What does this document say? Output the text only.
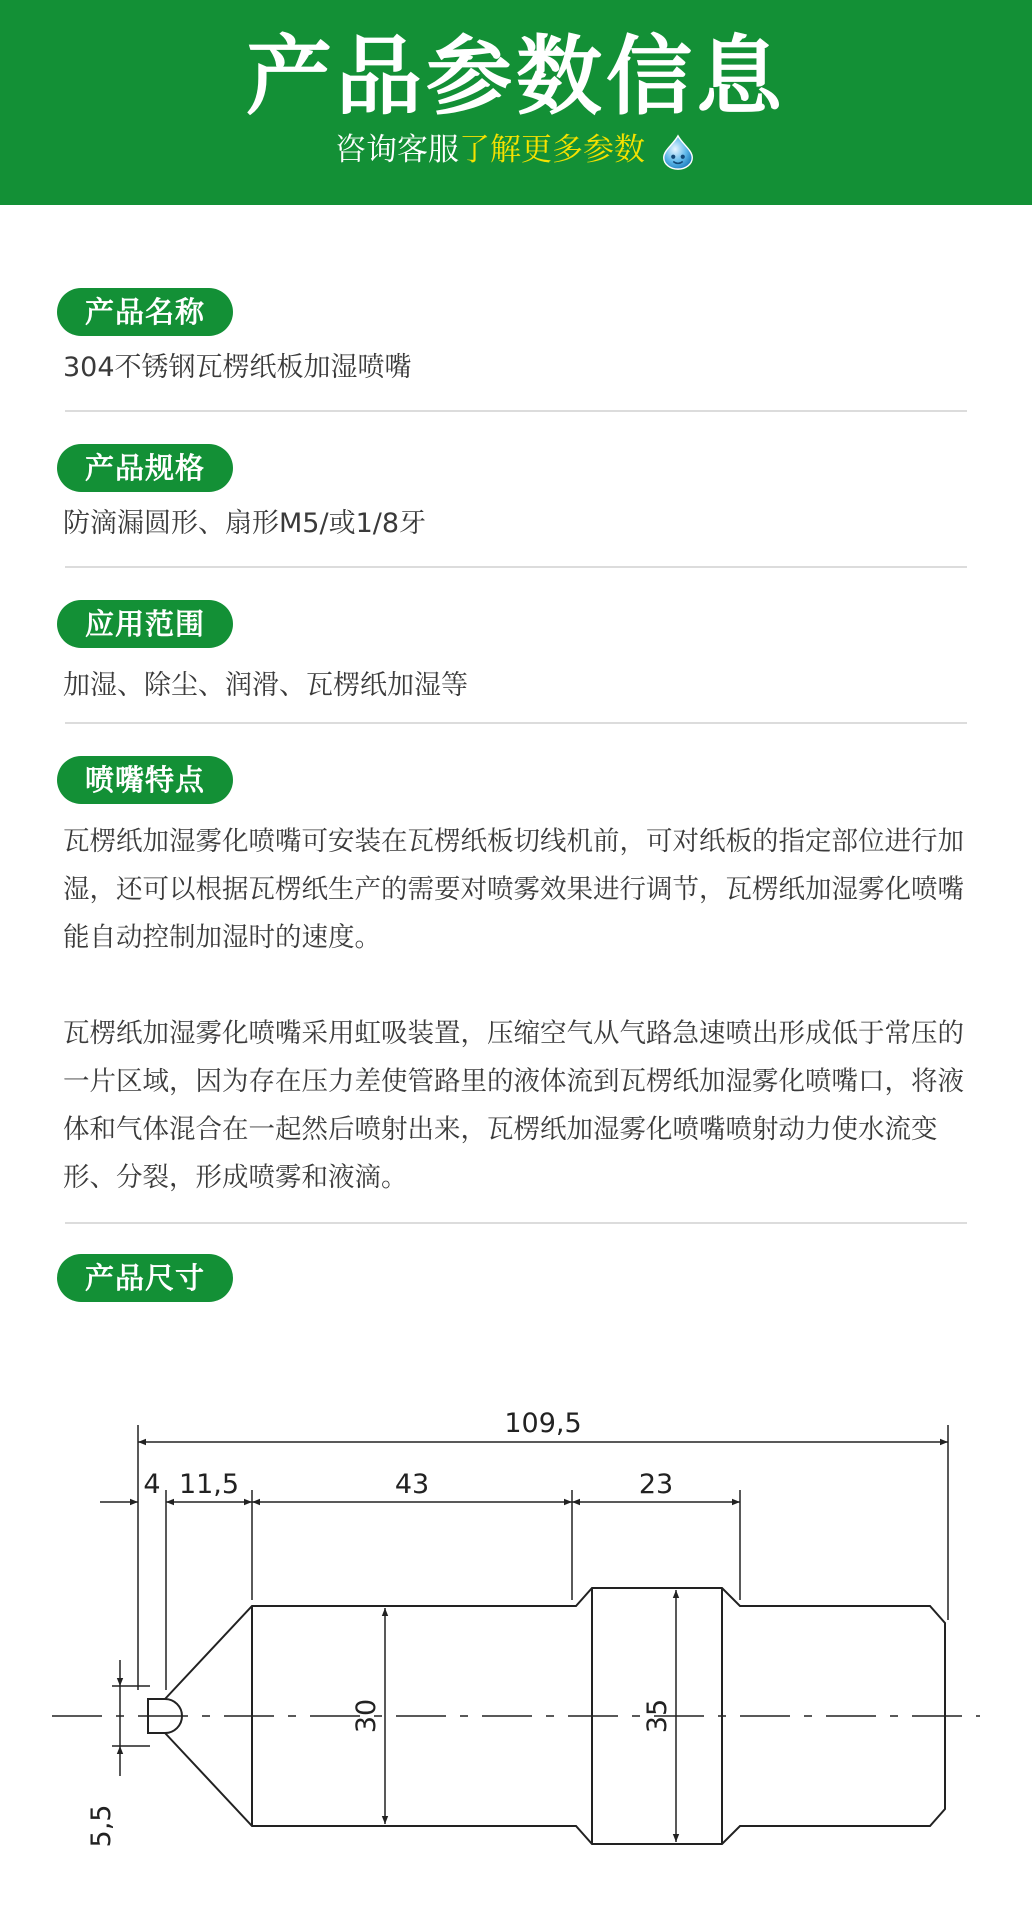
产品参数信息
咨询客服了解更多参数
产品名称
304不锈钢瓦楞纸板加湿喷嘴
产品规格
防滴漏圆形、扇形M5/或1/8牙
应用范围
加湿、除尘、润滑、瓦楞纸加湿等
喷嘴特点
瓦楞纸加湿雾化喷嘴可安装在瓦楞纸板切线机前，可对纸板的指定部位进行加湿，还可以根据瓦楞纸生产的需要对喷雾效果进行调节，瓦楞纸加湿雾化喷嘴能自动控制加湿时的速度。
瓦楞纸加湿雾化喷嘴采用虹吸装置，压缩空气从气路急速喷出形成低于常压的一片区域，因为存在压力差使管路里的液体流到瓦楞纸加湿雾化喷嘴口，将液体和气体混合在一起然后喷射出来，瓦楞纸加湿雾化喷嘴喷射动力使水流变形、分裂，形成喷雾和液滴。
产品尺寸
109,5
4 11,5	43	23
30	35
5,5
